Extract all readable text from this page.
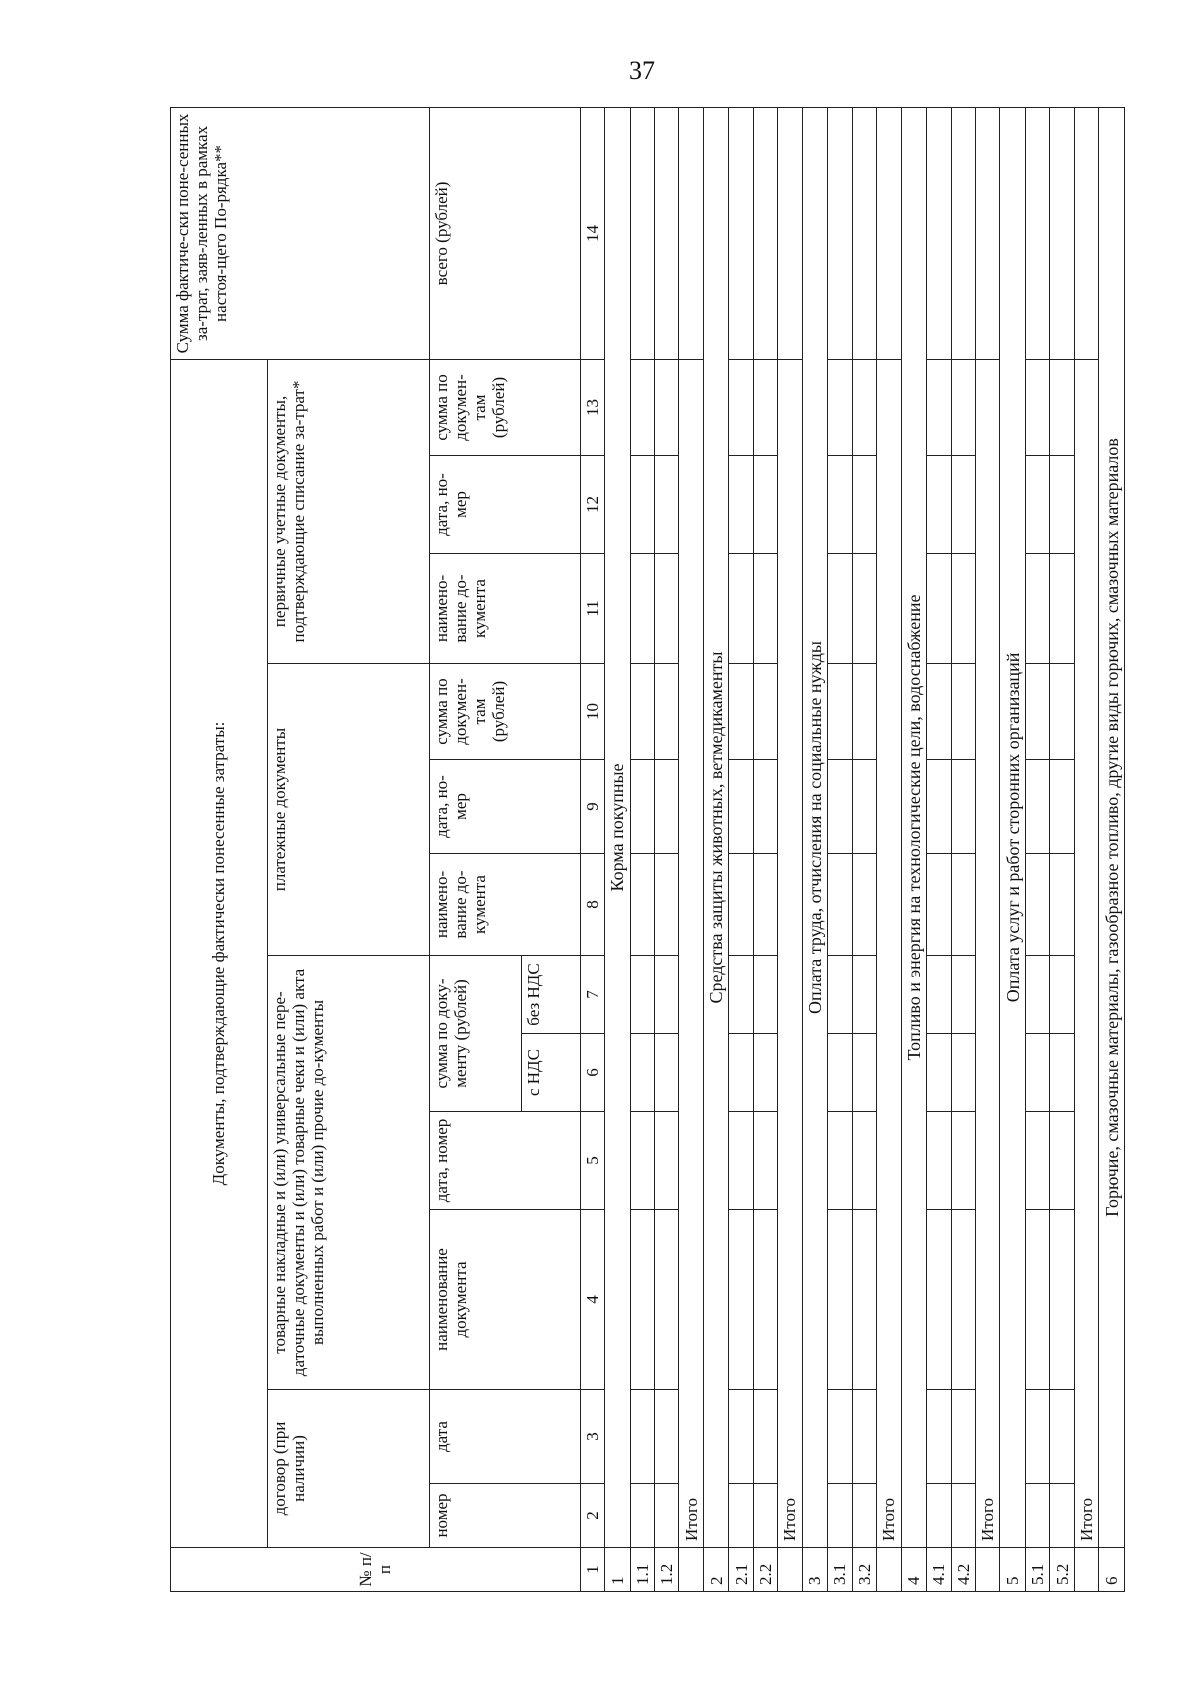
37
№ п/п	Документы, подтверждающие фактически понесенные затраты:												Сумма фактиче-ски поне-сенных за-трат, заяв-ленных в рамках настоя-щего По-рядка**
	договор (при наличии)		товарные накладные и (или) универсальные пере-даточные документы и (или) товарные чеки и (или) акта выполненных работ и (или) прочие до-кументы				платежные документы			первичные учетные документы, подтверждающие списание за-трат*			
	номер	дата	наименование документа	дата, номер	сумма по доку-менту (рублей)		наимено-вание до-кумента	дата, но-мер	сумма по докумен-там (рублей)	наимено-вание до-кумента	дата, но-мер	сумма по докумен-там (рублей)	всего (рублей)
					с НДС	без НДС							
1	2	3	4	5	6	7	8	9	10	11	12	13	14
1	Корма покупные												
1.1													
1.2													
	Итого												
2	Средства защиты животных, ветмедикаменты												
2.1													
2.2													
	Итого												
3	Оплата труда, отчисления на социальные нужды												
3.1													
3.2													
	Итого												
4	Топливо и энергия на технологические цели, водоснабжение												
4.1													
4.2													
	Итого												
5	Оплата услуг и работ сторонних организаций												
5.1													
5.2													
	Итого												
6	Горючие, смазочные материалы, газообразное топливо, другие виды горючих, смазочных материалов												
